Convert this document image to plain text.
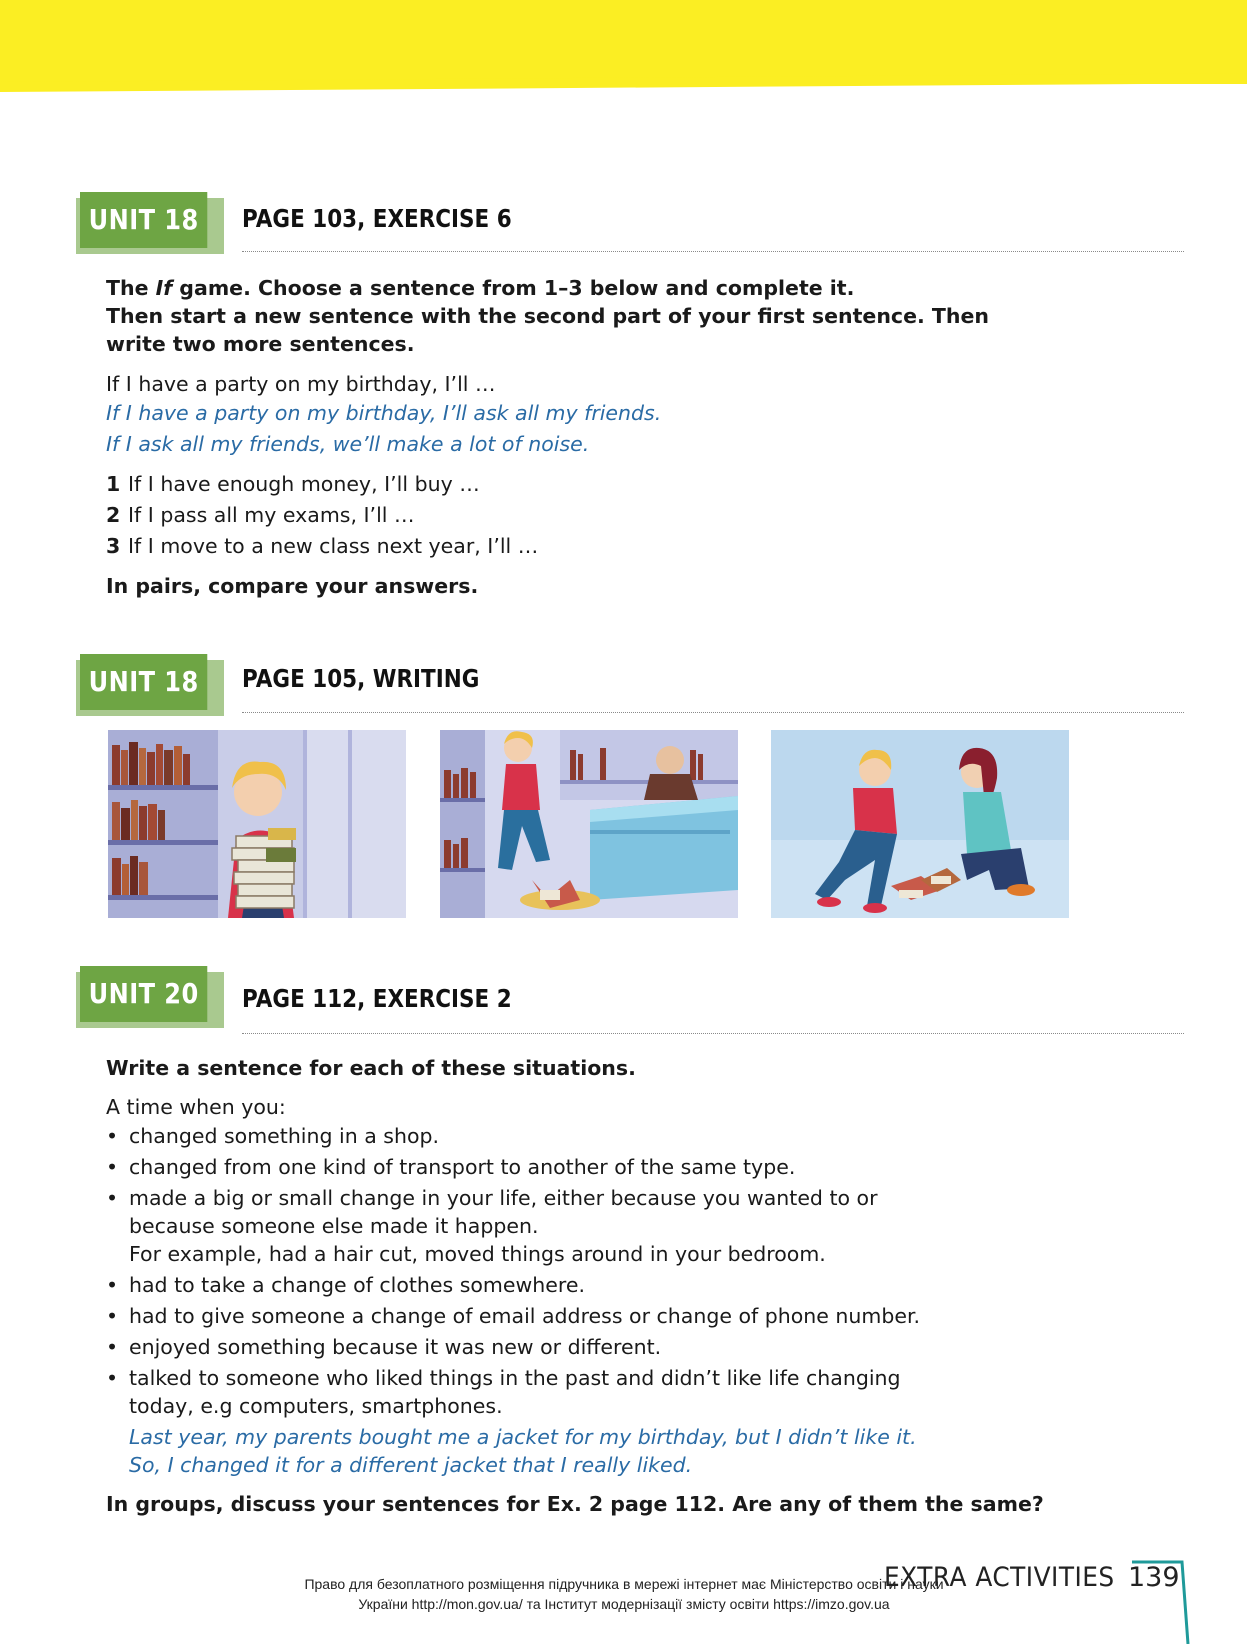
UNIT 18	PAGE 103, EXERCISE 6
The If game. Choose a sentence from 1–3 below and complete it.
Then start a new sentence with the second part of your first sentence. Then
write two more sentences.
If I have a party on my birthday, I’ll …
If I have a party on my birthday, I’ll ask all my friends.
If I ask all my friends, we’ll make a lot of noise.
1 If I have enough money, I’ll buy …
2 If I pass all my exams, I’ll …
3 If I move to a new class next year, I’ll …
In pairs, compare your answers.
UNIT 18	PAGE 105, WRITING
UNIT 20	PAGE 112, EXERCISE 2
Write a sentence for each of these situations.
A time when you:
• changed something in a shop.
• changed from one kind of transport to another of the same type.
• made a big or small change in your life, either because you wanted to or
because someone else made it happen.
For example, had a hair cut, moved things around in your bedroom.
• had to take a change of clothes somewhere.
• had to give someone a change of email address or change of phone number.
• enjoyed something because it was new or different.
• talked to someone who liked things in the past and didn’t like life changing
today, e.g computers, smartphones.
Last year, my parents bought me a jacket for my birthday, but I didn’t like it.
So, I changed it for a different jacket that I really liked.
In groups, discuss your sentences for Ex. 2 page 112. Are any of them the same?
Право для безоплатного розміщення підручника в мережі інтернет має Міністерство освіти і науки
України http://mon.gov.ua/ та Інститут модернізації змісту освіти https://imzo.gov.ua
EXTRA ACTIVITIES 139
